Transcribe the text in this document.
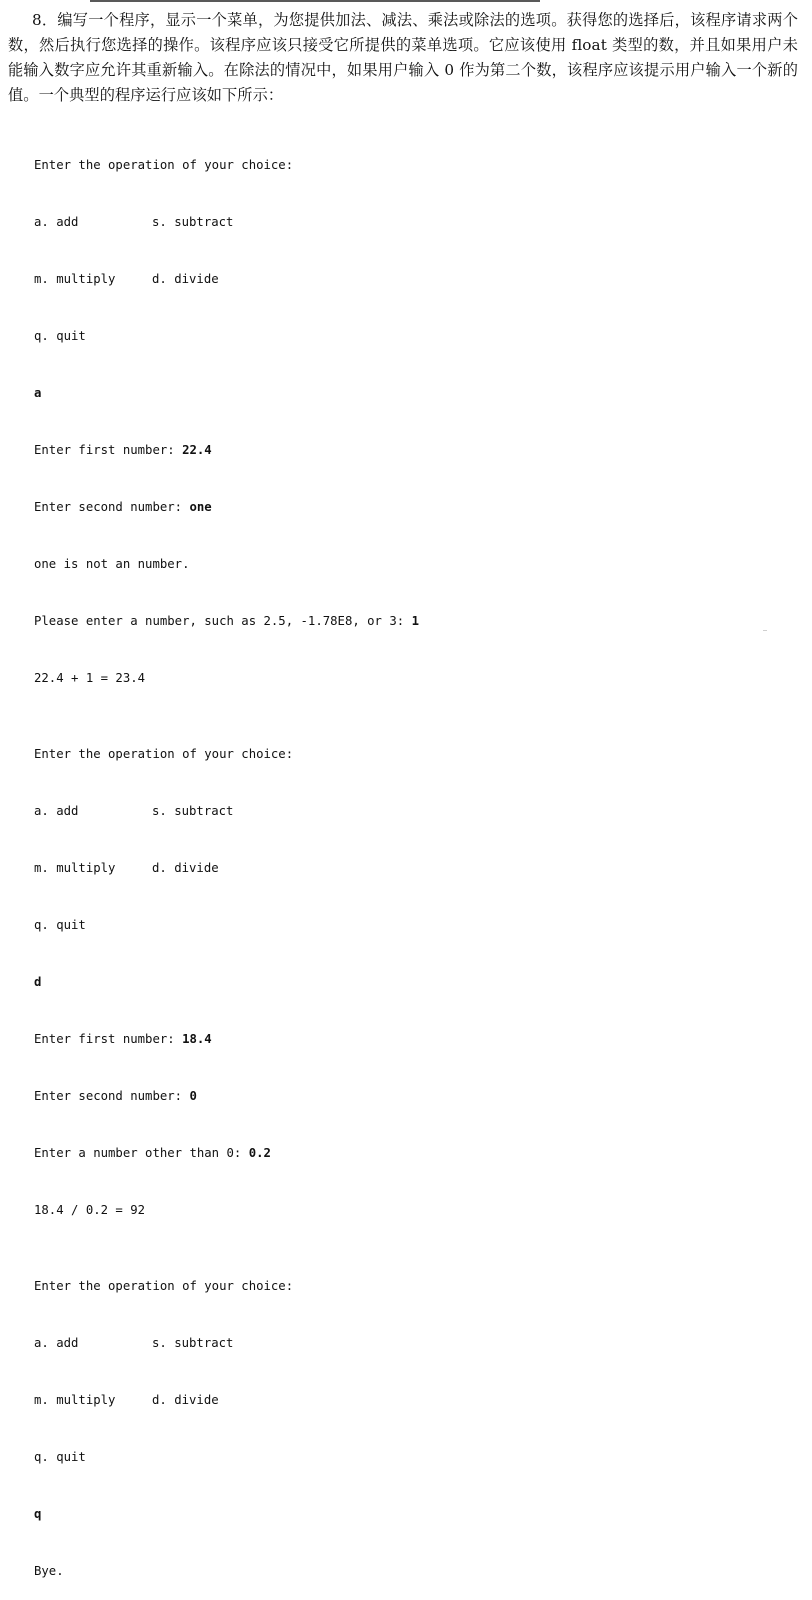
8．编写一个程序，显示一个菜单，为您提供加法、减法、乘法或除法的选项。获得您的选择后，该程序请求两个数，然后执行您选择的操作。该程序应该只接受它所提供的菜单选项。它应该使用 float 类型的数，并且如果用户未能输入数字应允许其重新输入。在除法的情况中，如果用户输入 0 作为第二个数，该程序应该提示用户输入一个新的值。一个典型的程序运行应该如下所示：

Enter the operation of your choice:

a. add	s. subtract

m. multiply	d. divide

q. quit

a

Enter first number: 22.4

Enter second number: one

one is not an number.

Please enter a number, such as 2.5, -1.78E8, or 3: 1

22.4 + 1 = 23.4

Enter the operation of your choice:

a. add	s. subtract

m. multiply	d. divide

q. quit

d

Enter first number: 18.4

Enter second number: 0

Enter a number other than 0: 0.2

18.4 / 0.2 = 92

Enter the operation of your choice:

a. add	s. subtract

m. multiply	d. divide

q. quit

q

Bye.
